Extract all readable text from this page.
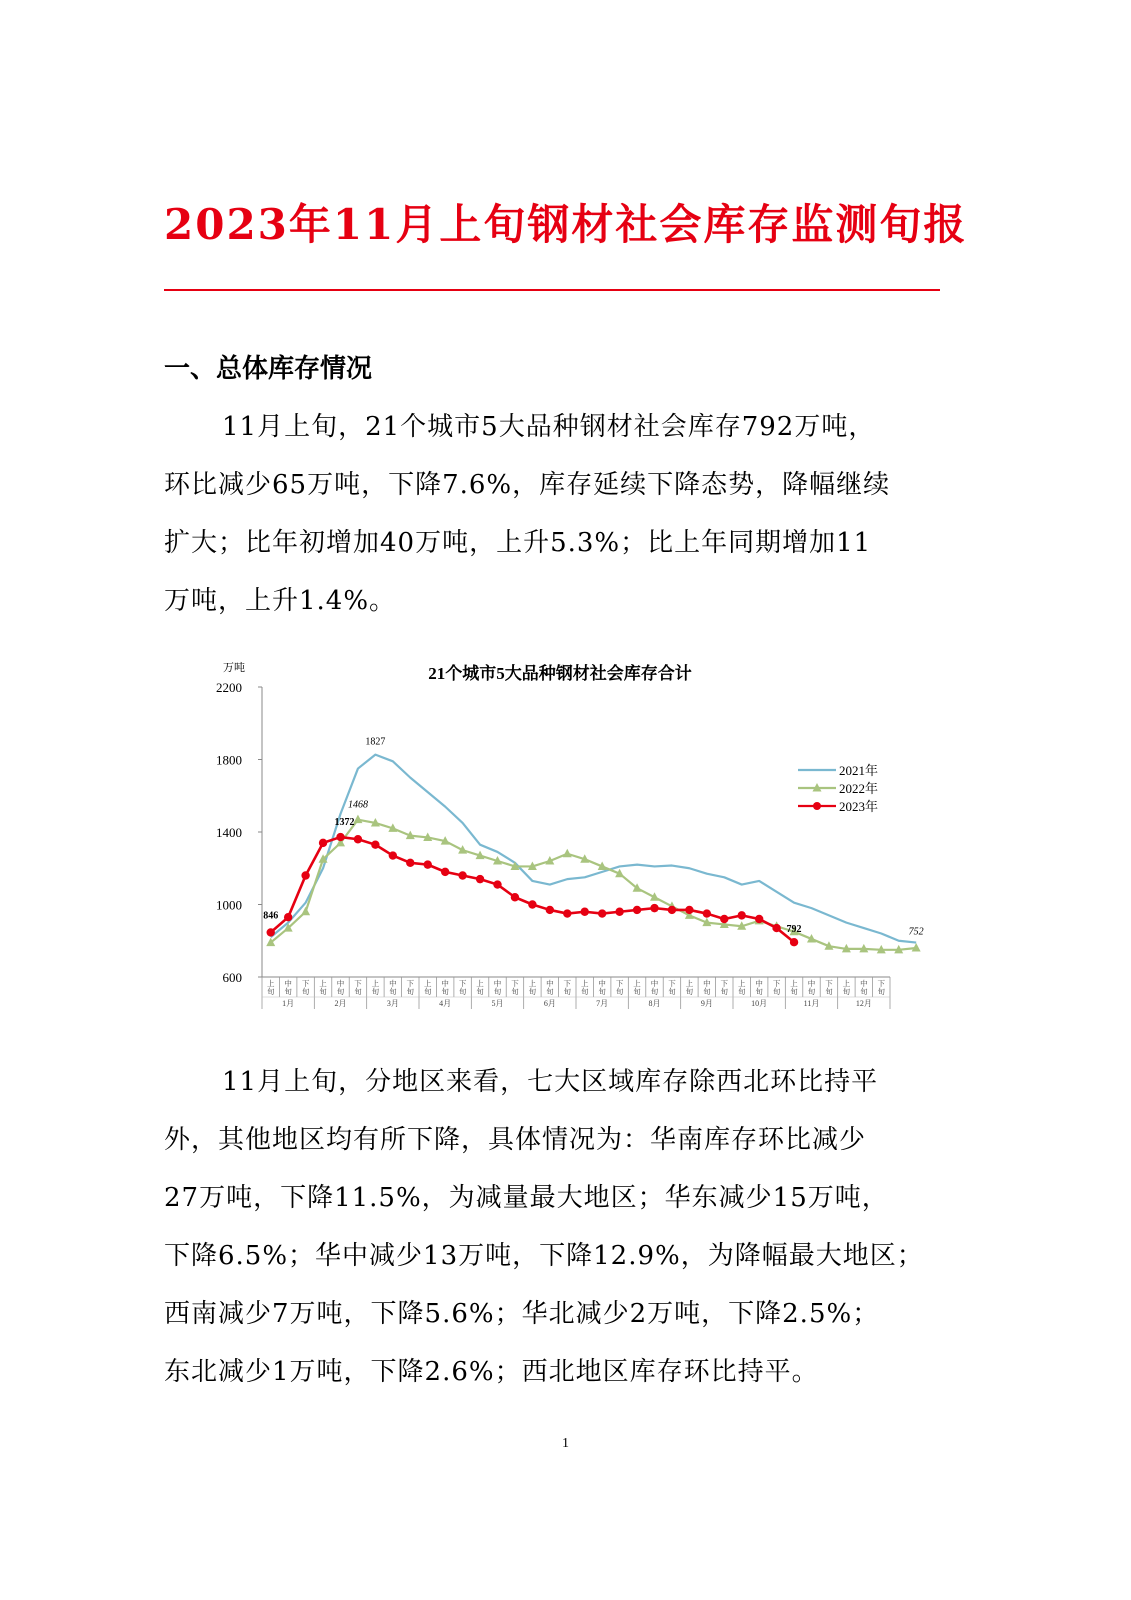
2023年11月上旬钢材社会库存监测旬报
一、总体库存情况
11月上旬，21个城市5大品种钢材社会库存792万吨，
环比减少65万吨，下降7.6%，库存延续下降态势，降幅继续
扩大；比年初增加40万吨，上升5.3%；比上年同期增加11
万吨，上升1.4%。
21个城市5大品种钢材社会库存合计
万吨
600
1000
1400
1800
2200
上旬
中旬
下旬
上旬
中旬
下旬
上旬
中旬
下旬
上旬
中旬
下旬
上旬
中旬
下旬
上旬
中旬
下旬
上旬
中旬
下旬
上旬
中旬
下旬
上旬
中旬
下旬
上旬
中旬
下旬
上旬
中旬
下旬
上旬
中旬
下旬
1月	2月	3月	4月	5月	6月	7月	8月	9月	10月	11月	12月
1827
1468
1372
846
792	752
2021年
2022年
2023年
11月上旬，分地区来看，七大区域库存除西北环比持平
外，其他地区均有所下降，具体情况为：华南库存环比减少
27万吨，下降11.5%，为减量最大地区；华东减少15万吨，
下降6.5%；华中减少13万吨，下降12.9%，为降幅最大地区；
西南减少7万吨，下降5.6%；华北减少2万吨，下降2.5%；
东北减少1万吨，下降2.6%；西北地区库存环比持平。
1
